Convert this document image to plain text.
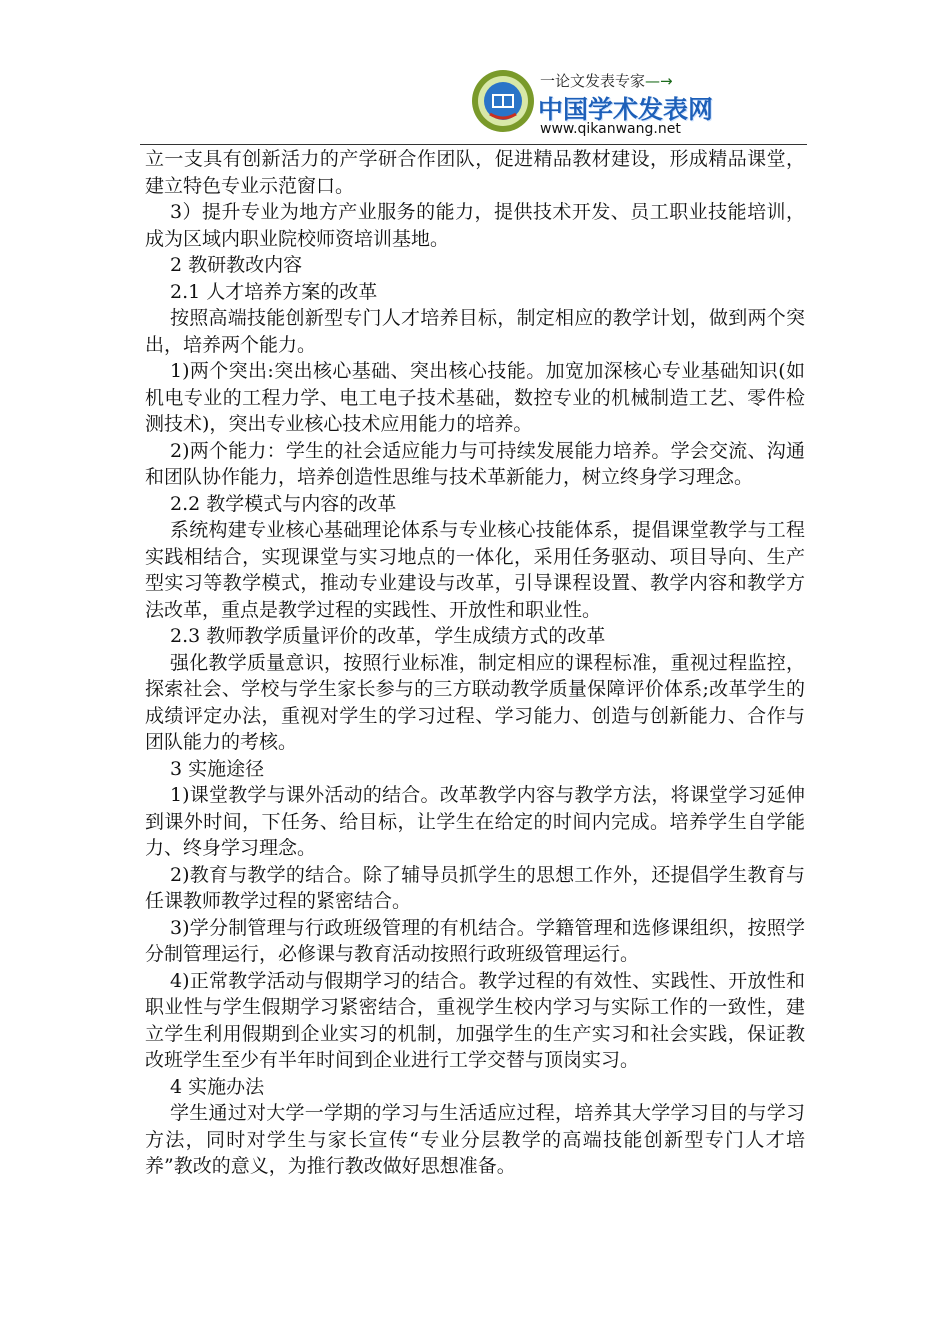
一论文发表专家—→
中国学术发表网
www.qikanwang.net

立一支具有创新活力的产学研合作团队，促进精品教材建设，形成精品课堂，建立特色专业示范窗口。

3）提升专业为地方产业服务的能力，提供技术开发、员工职业技能培训，成为区域内职业院校师资培训基地。

2 教研教改内容

2.1 人才培养方案的改革

按照高端技能创新型专门人才培养目标，制定相应的教学计划，做到两个突出，培养两个能力。

1)两个突出:突出核心基础、突出核心技能。加宽加深核心专业基础知识(如机电专业的工程力学、电工电子技术基础，数控专业的机械制造工艺、零件检测技术)，突出专业核心技术应用能力的培养。

2)两个能力：学生的社会适应能力与可持续发展能力培养。学会交流、沟通和团队协作能力，培养创造性思维与技术革新能力，树立终身学习理念。

2.2 教学模式与内容的改革

系统构建专业核心基础理论体系与专业核心技能体系，提倡课堂教学与工程实践相结合，实现课堂与实习地点的一体化，采用任务驱动、项目导向、生产型实习等教学模式，推动专业建设与改革，引导课程设置、教学内容和教学方法改革，重点是教学过程的实践性、开放性和职业性。

2.3 教师教学质量评价的改革，学生成绩方式的改革

强化教学质量意识，按照行业标准，制定相应的课程标准，重视过程监控，探索社会、学校与学生家长参与的三方联动教学质量保障评价体系;改革学生的成绩评定办法，重视对学生的学习过程、学习能力、创造与创新能力、合作与团队能力的考核。

3 实施途径

1)课堂教学与课外活动的结合。改革教学内容与教学方法，将课堂学习延伸到课外时间，下任务、给目标，让学生在给定的时间内完成。培养学生自学能力、终身学习理念。

2)教育与教学的结合。除了辅导员抓学生的思想工作外，还提倡学生教育与任课教师教学过程的紧密结合。

3)学分制管理与行政班级管理的有机结合。学籍管理和选修课组织，按照学分制管理运行，必修课与教育活动按照行政班级管理运行。

4)正常教学活动与假期学习的结合。教学过程的有效性、实践性、开放性和职业性与学生假期学习紧密结合，重视学生校内学习与实际工作的一致性，建立学生利用假期到企业实习的机制，加强学生的生产实习和社会实践，保证教改班学生至少有半年时间到企业进行工学交替与顶岗实习。

4 实施办法

学生通过对大学一学期的学习与生活适应过程，培养其大学学习目的与学习方法，同时对学生与家长宣传“专业分层教学的高端技能创新型专门人才培养”教改的意义，为推行教改做好思想准备。
